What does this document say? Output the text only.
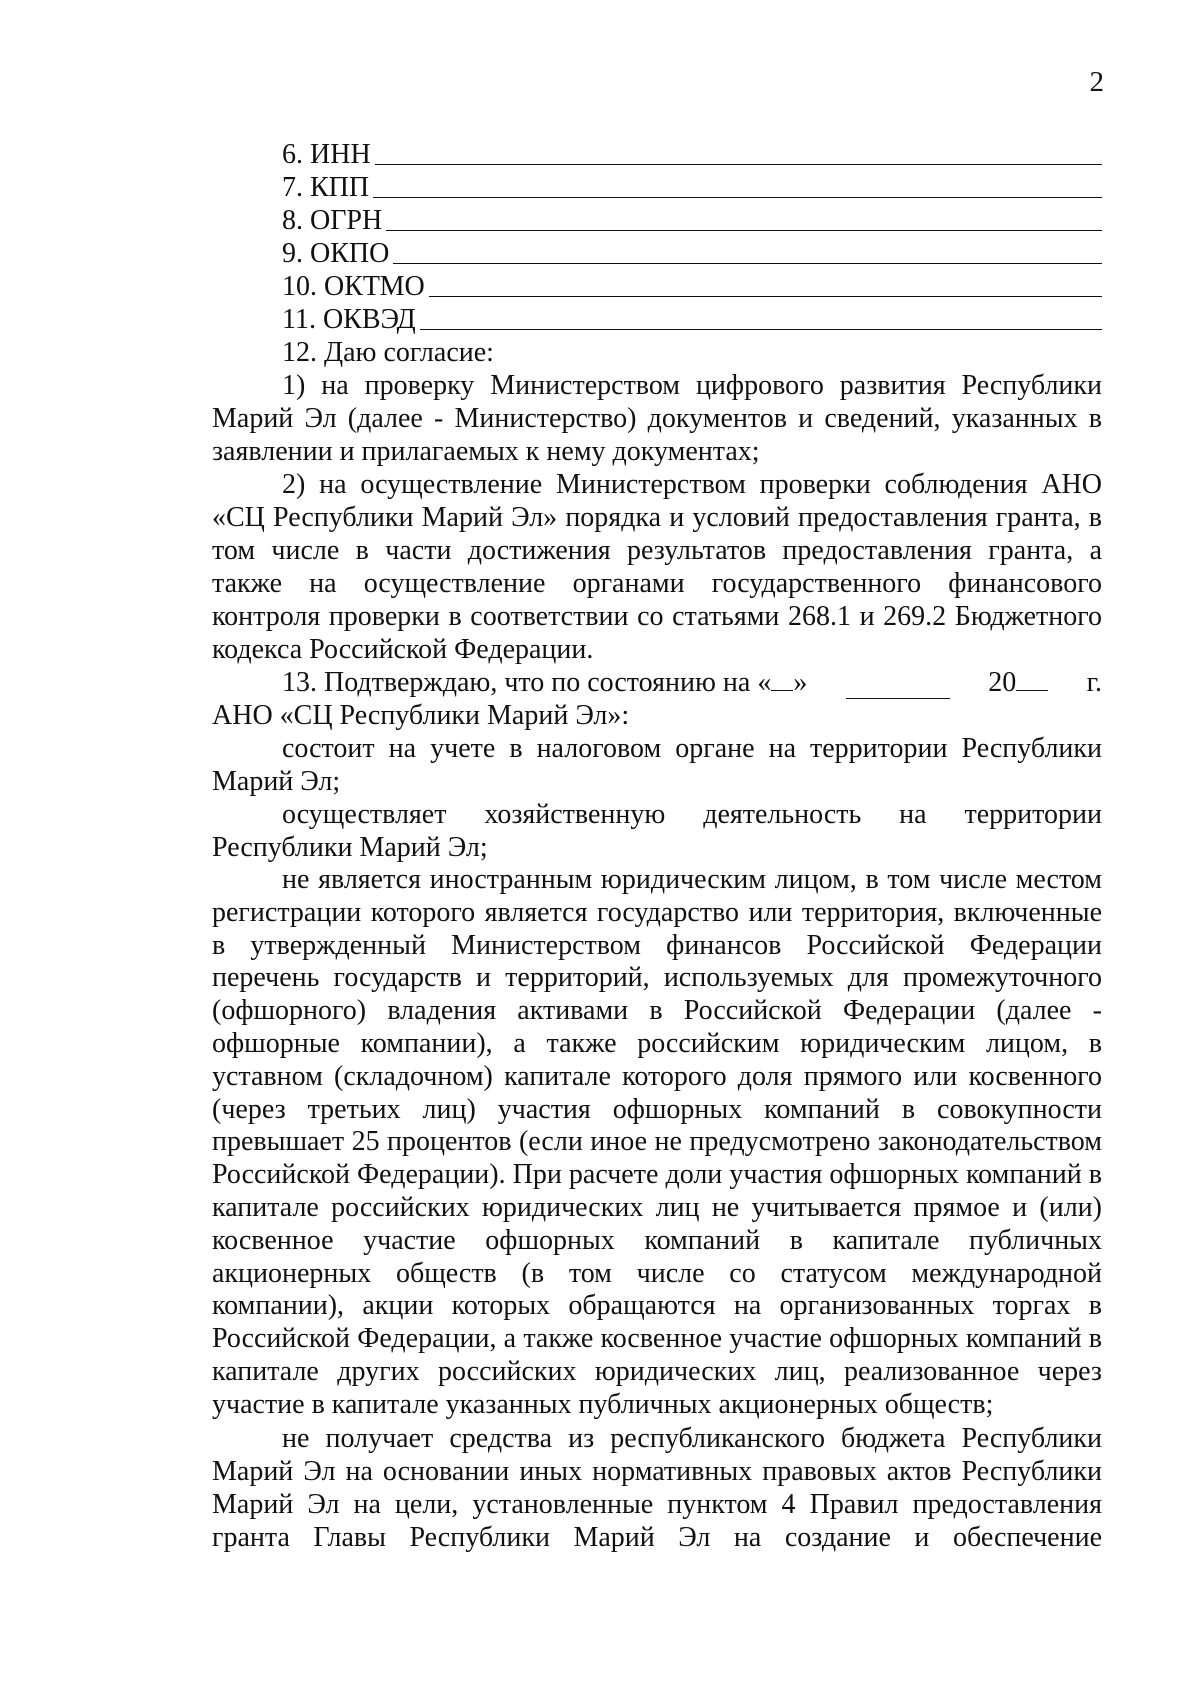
2
6. ИНН
7. КПП
8. ОГРН
9. ОКПО
10. ОКТМО
11. ОКВЭД

12. Даю согласие:

1) на проверку Министерством цифрового развития Республики Марий Эл (далее - Министерство) документов и сведений, указанных в заявлении и прилагаемых к нему документах;

2) на осуществление Министерством проверки соблюдения АНО «СЦ Республики Марий Эл» порядка и условий предоставления гранта, в том числе в части достижения результатов предоставления гранта, а также на осуществление органами государственного финансового контроля проверки в соответствии со статьями 268.1 и 269.2 Бюджетного кодекса Российской Федерации.

13. Подтверждаю, что по состоянию на « »	20	г.

АНО «СЦ Республики Марий Эл»:

состоит на учете в налоговом органе на территории Республики Марий Эл;

осуществляет хозяйственную деятельность на территории Республики Марий Эл;

не является иностранным юридическим лицом, в том числе местом регистрации которого является государство или территория, включенные в утвержденный Министерством финансов Российской Федерации перечень государств и территорий, используемых для промежуточного (офшорного) владения активами в Российской Федерации (далее - офшорные компании), а также российским юридическим лицом, в уставном (складочном) капитале которого доля прямого или косвенного (через третьих лиц) участия офшорных компаний в совокупности превышает 25 процентов (если иное не предусмотрено законодательством Российской Федерации). При расчете доли участия офшорных компаний в капитале российских юридических лиц не учитывается прямое и (или) косвенное участие офшорных компаний в капитале публичных акционерных обществ (в том числе со статусом международной компании), акции которых обращаются на организованных торгах в Российской Федерации, а также косвенное участие офшорных компаний в капитале других российских юридических лиц, реализованное через участие в капитале указанных публичных акционерных обществ;

не получает средства из республиканского бюджета Республики Марий Эл на основании иных нормативных правовых актов Республики Марий Эл на цели, установленные пунктом 4 Правил предоставления гранта Главы Республики Марий Эл на создание и обеспечение
